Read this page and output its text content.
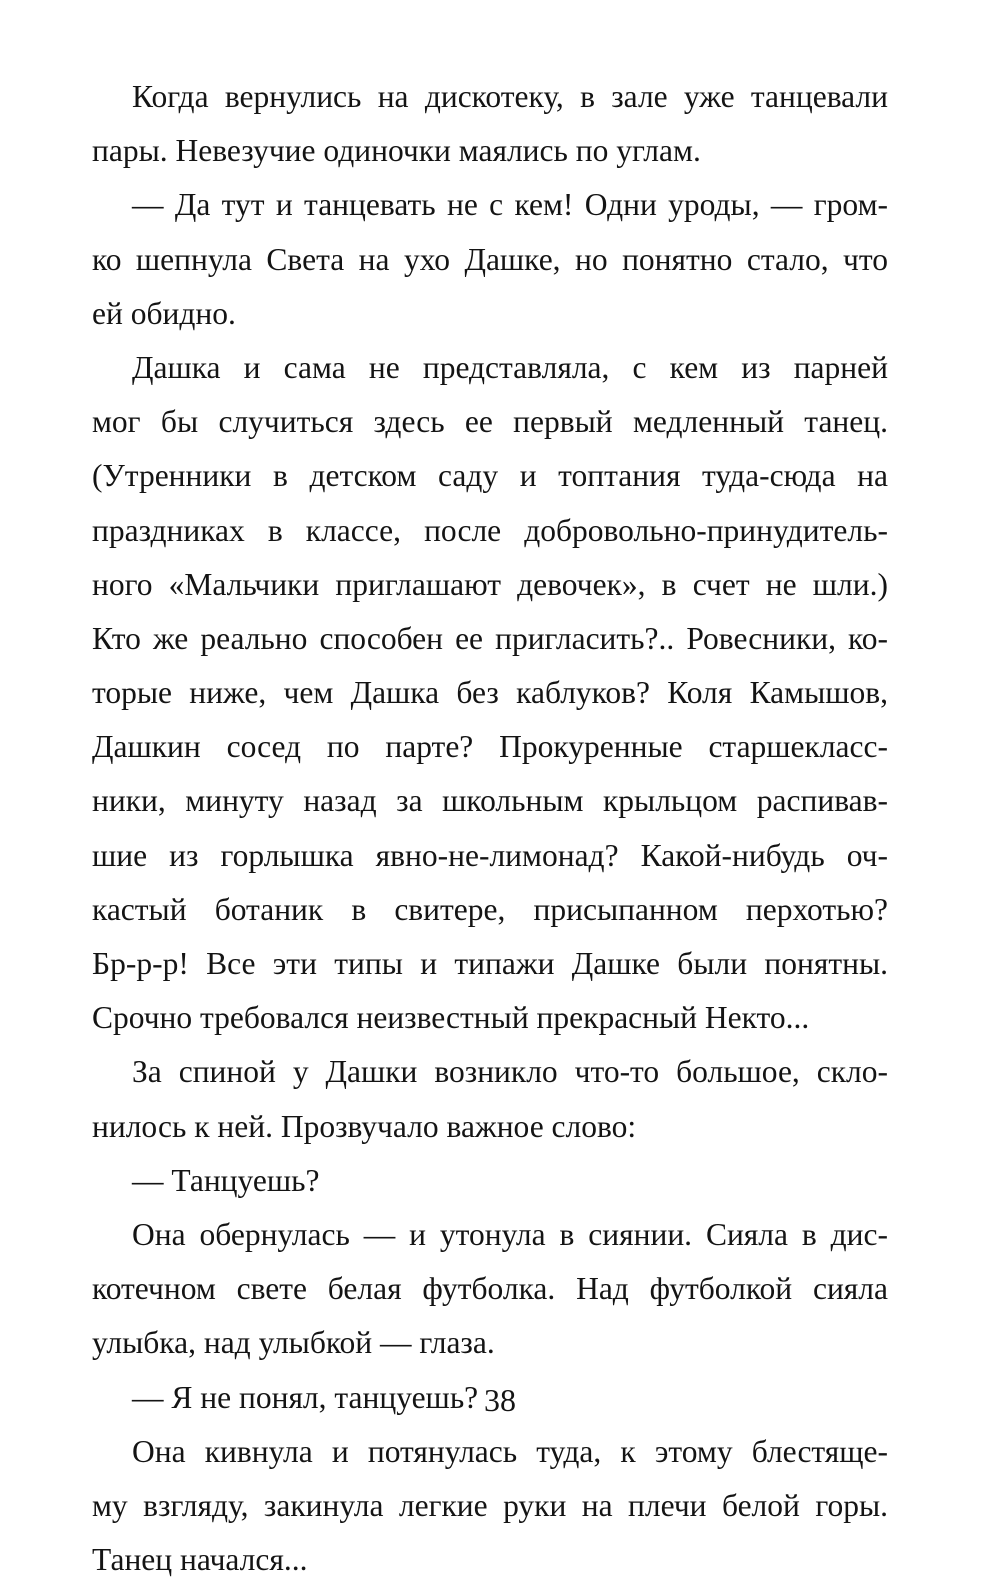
Когда вернулись на дискотеку, в зале уже танцевали
пары. Невезучие одиночки маялись по углам.
— Да тут и танцевать не с кем! Одни уроды, — гром-
ко шепнула Света на ухо Дашке, но понятно стало, что
ей обидно.
Дашка и сама не представляла, с кем из парней
мог бы случиться здесь ее первый медленный танец.
(Утренники в детском саду и топтания туда-сюда на
праздниках в классе, после добровольно-принудитель-
ного «Мальчики приглашают девочек», в счет не шли.)
Кто же реально способен ее пригласить?.. Ровесники, ко-
торые ниже, чем Дашка без каблуков? Коля Камышов,
Дашкин сосед по парте? Прокуренные старшекласс-
ники, минуту назад за школьным крыльцом распивав-
шие из горлышка явно-не-лимонад? Какой-нибудь оч-
кастый ботаник в свитере, присыпанном перхотью?
Бр-р-р! Все эти типы и типажи Дашке были понятны.
Срочно требовался неизвестный прекрасный Некто...
За спиной у Дашки возникло что-то большое, скло-
нилось к ней. Прозвучало важное слово:
— Танцуешь?
Она обернулась — и утонула в сиянии. Сияла в дис-
котечном свете белая футболка. Над футболкой сияла
улыбка, над улыбкой — глаза.
— Я не понял, танцуешь?
Она кивнула и потянулась туда, к этому блестяще-
му взгляду, закинула легкие руки на плечи белой горы.
Танец начался...
38
